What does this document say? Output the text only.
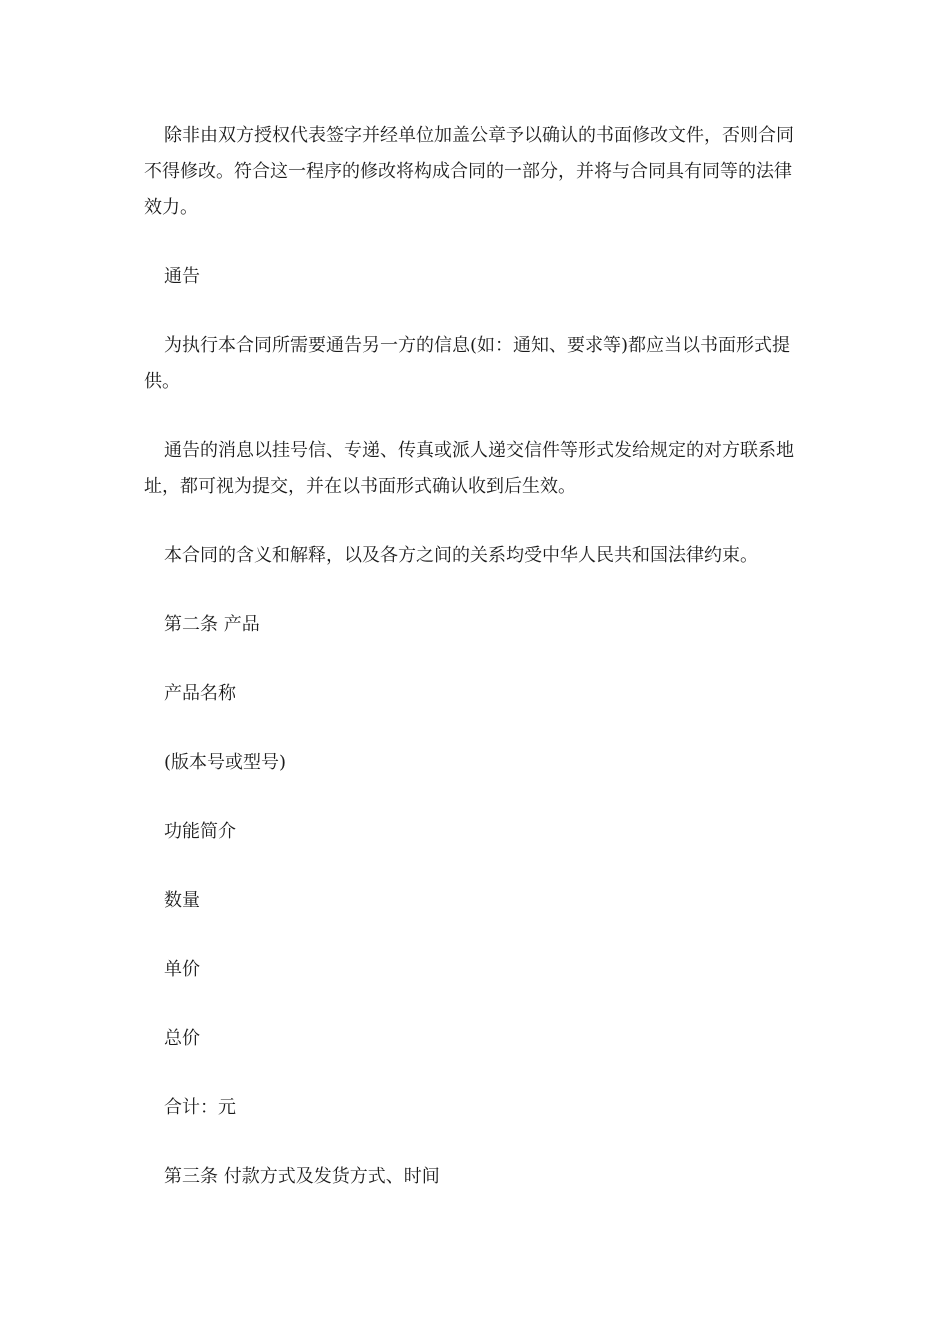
除非由双方授权代表签字并经单位加盖公章予以确认的书面修改文件，否则合同不得修改。符合这一程序的修改将构成合同的一部分，并将与合同具有同等的法律效力。

通告

为执行本合同所需要通告另一方的信息(如：通知、要求等)都应当以书面形式提供。

通告的消息以挂号信、专递、传真或派人递交信件等形式发给规定的对方联系地址，都可视为提交，并在以书面形式确认收到后生效。

本合同的含义和解释，以及各方之间的关系均受中华人民共和国法律约束。

第二条 产品

产品名称

(版本号或型号)

功能简介

数量

单价

总价

合计：元

第三条 付款方式及发货方式、时间
